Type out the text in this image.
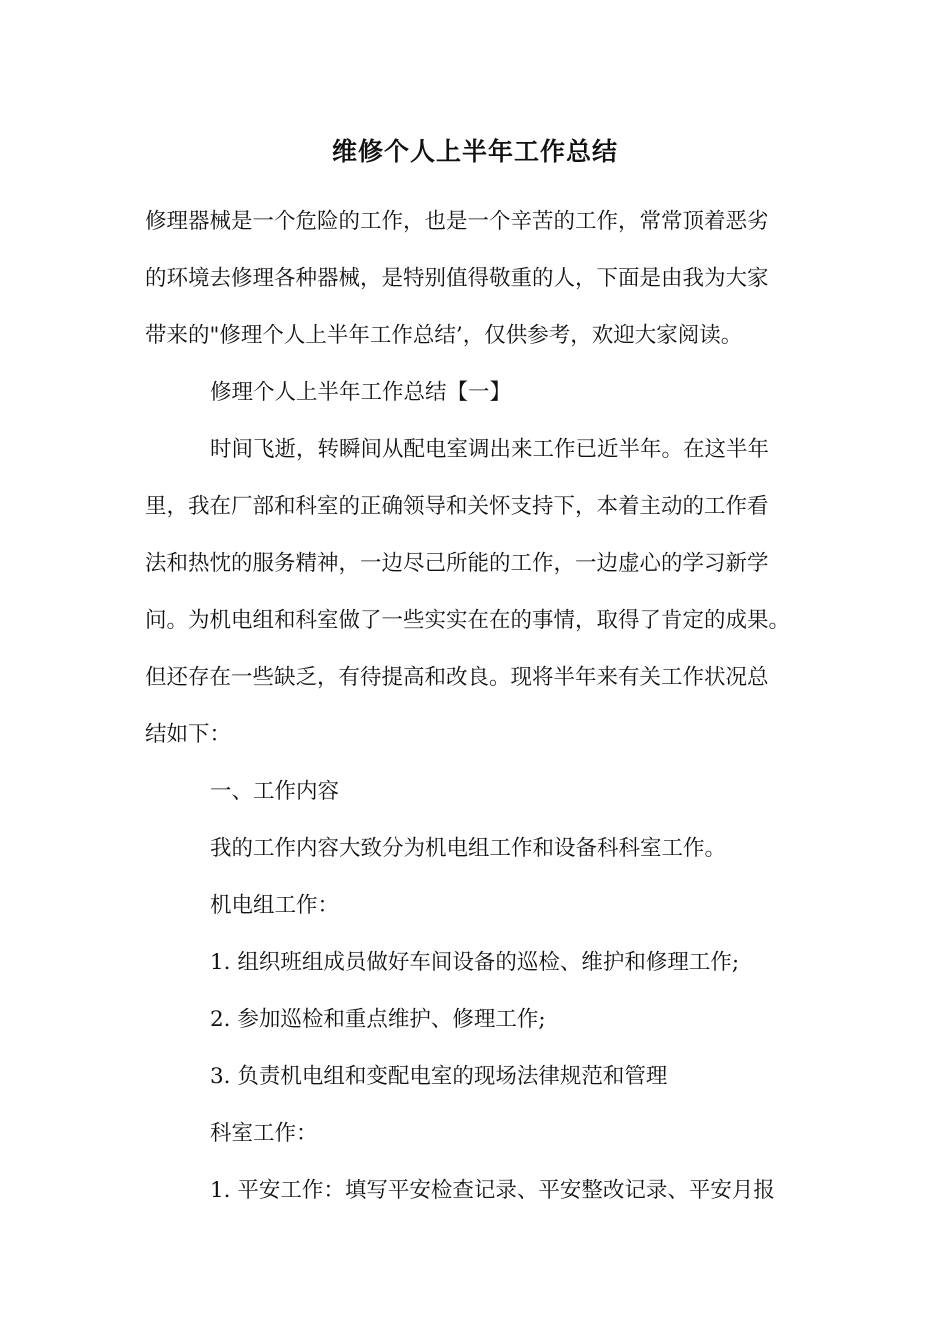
维修个人上半年工作总结
修理器械是一个危险的工作，也是一个辛苦的工作，常常顶着恶劣
的环境去修理各种器械，是特别值得敬重的人，下面是由我为大家
带来的"修理个人上半年工作总结’，仅供参考，欢迎大家阅读。
修理个人上半年工作总结【一】
时间飞逝，转瞬间从配电室调出来工作已近半年。在这半年
里，我在厂部和科室的正确领导和关怀支持下，本着主动的工作看
法和热忱的服务精神，一边尽己所能的工作，一边虚心的学习新学
问。为机电组和科室做了一些实实在在的事情，取得了肯定的成果。
但还存在一些缺乏，有待提高和改良。现将半年来有关工作状况总
结如下：
一、工作内容
我的工作内容大致分为机电组工作和设备科科室工作。
机电组工作：
1. 组织班组成员做好车间设备的巡检、维护和修理工作;
2. 参加巡检和重点维护、修理工作;
3. 负责机电组和变配电室的现场法律规范和管理
科室工作：
1. 平安工作：填写平安检查记录、平安整改记录、平安月报
